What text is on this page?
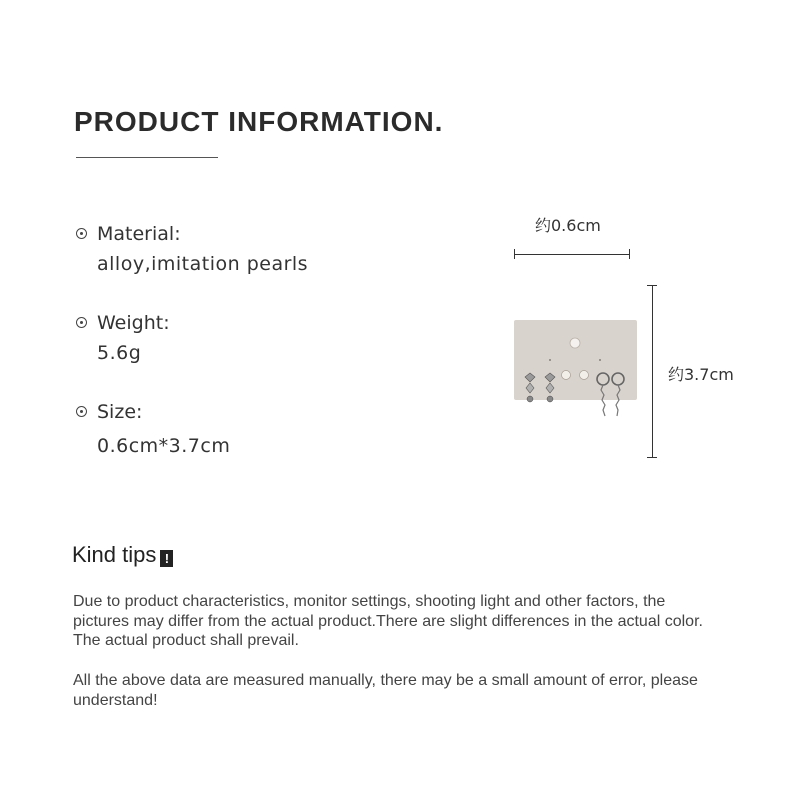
PRODUCT INFORMATION.
Material:
alloy,imitation pearls
Weight:
5.6g
Size:
0.6cm*3.7cm
约0.6cm
约3.7cm
Kind tips !

Due to product characteristics, monitor settings, shooting light and other factors, the pictures may differ from the actual product.There are slight differences in the actual color. The actual product shall prevail.

All the above data are measured manually, there may be a small amount of error, please understand!
